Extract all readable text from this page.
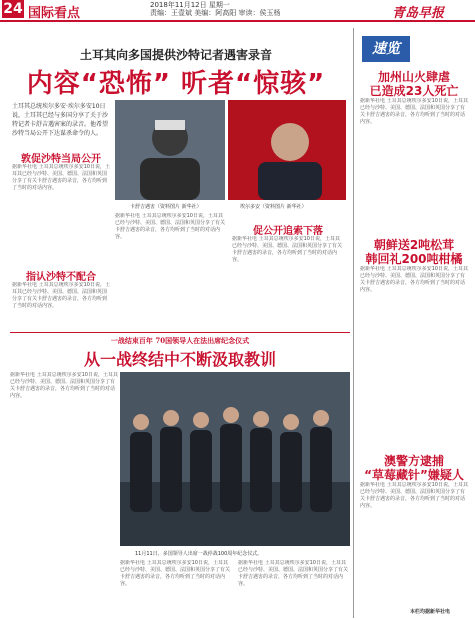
24 国际看点
2018年11月12日 星期一
责编：王壹斌 美编：阿高阳 审读：侯玉杨	青岛早报
土耳其向多国提供沙特记者遇害录音
内容“恐怖” 听者“惊骇”
土耳其总统埃尔多安·埃尔多安10日说，土耳其已经与多国分享了关于沙特记者卡舒吉遇害案的录音。他希望沙特当局公开下达谋杀命令的人。
敦促沙特当局公开
据新华社电 土耳其总统埃尔多安10日说，土耳其已经与沙特、美国、德国、法国和英国分享了有关卡舒吉遇害的录音，各方均听到了当时的对话内容。
指认沙特不配合
据新华社电 土耳其总统埃尔多安10日说，土耳其已经与沙特、美国、德国、法国和英国分享了有关卡舒吉遇害的录音，各方均听到了当时的对话内容。
卡舒吉遇害（资料图片 新华社）	埃尔多安（资料图片 新华社）
据新华社电 土耳其总统埃尔多安10日说，土耳其已经与沙特、美国、德国、法国和英国分享了有关卡舒吉遇害的录音，各方均听到了当时的对话内容。	促公开追索下落
据新华社电 土耳其总统埃尔多安10日说，土耳其已经与沙特、美国、德国、法国和英国分享了有关卡舒吉遇害的录音，各方均听到了当时的对话内容。
一战结束百年 70国领导人在法出席纪念仪式
从一战终结中不断汲取教训
据新华社电 土耳其总统埃尔多安10日说，土耳其已经与沙特、美国、德国、法国和英国分享了有关卡舒吉遇害的录音，各方均听到了当时的对话内容。
11月11日，多国领导人出席一战停战100周年纪念仪式。
据新华社电 土耳其总统埃尔多安10日说，土耳其已经与沙特、美国、德国、法国和英国分享了有关卡舒吉遇害的录音，各方均听到了当时的对话内容。
据新华社电 土耳其总统埃尔多安10日说，土耳其已经与沙特、美国、德国、法国和英国分享了有关卡舒吉遇害的录音，各方均听到了当时的对话内容。
速览
加州山火肆虐
已造成23人死亡
据新华社电 土耳其总统埃尔多安10日说，土耳其已经与沙特、美国、德国、法国和英国分享了有关卡舒吉遇害的录音，各方均听到了当时的对话内容。
朝鲜送2吨松茸
韩回礼200吨柑橘
据新华社电 土耳其总统埃尔多安10日说，土耳其已经与沙特、美国、德国、法国和英国分享了有关卡舒吉遇害的录音，各方均听到了当时的对话内容。
澳警方逮捕
“草莓藏针”嫌疑人
据新华社电 土耳其总统埃尔多安10日说，土耳其已经与沙特、美国、德国、法国和英国分享了有关卡舒吉遇害的录音，各方均听到了当时的对话内容。
本栏均据新华社电
